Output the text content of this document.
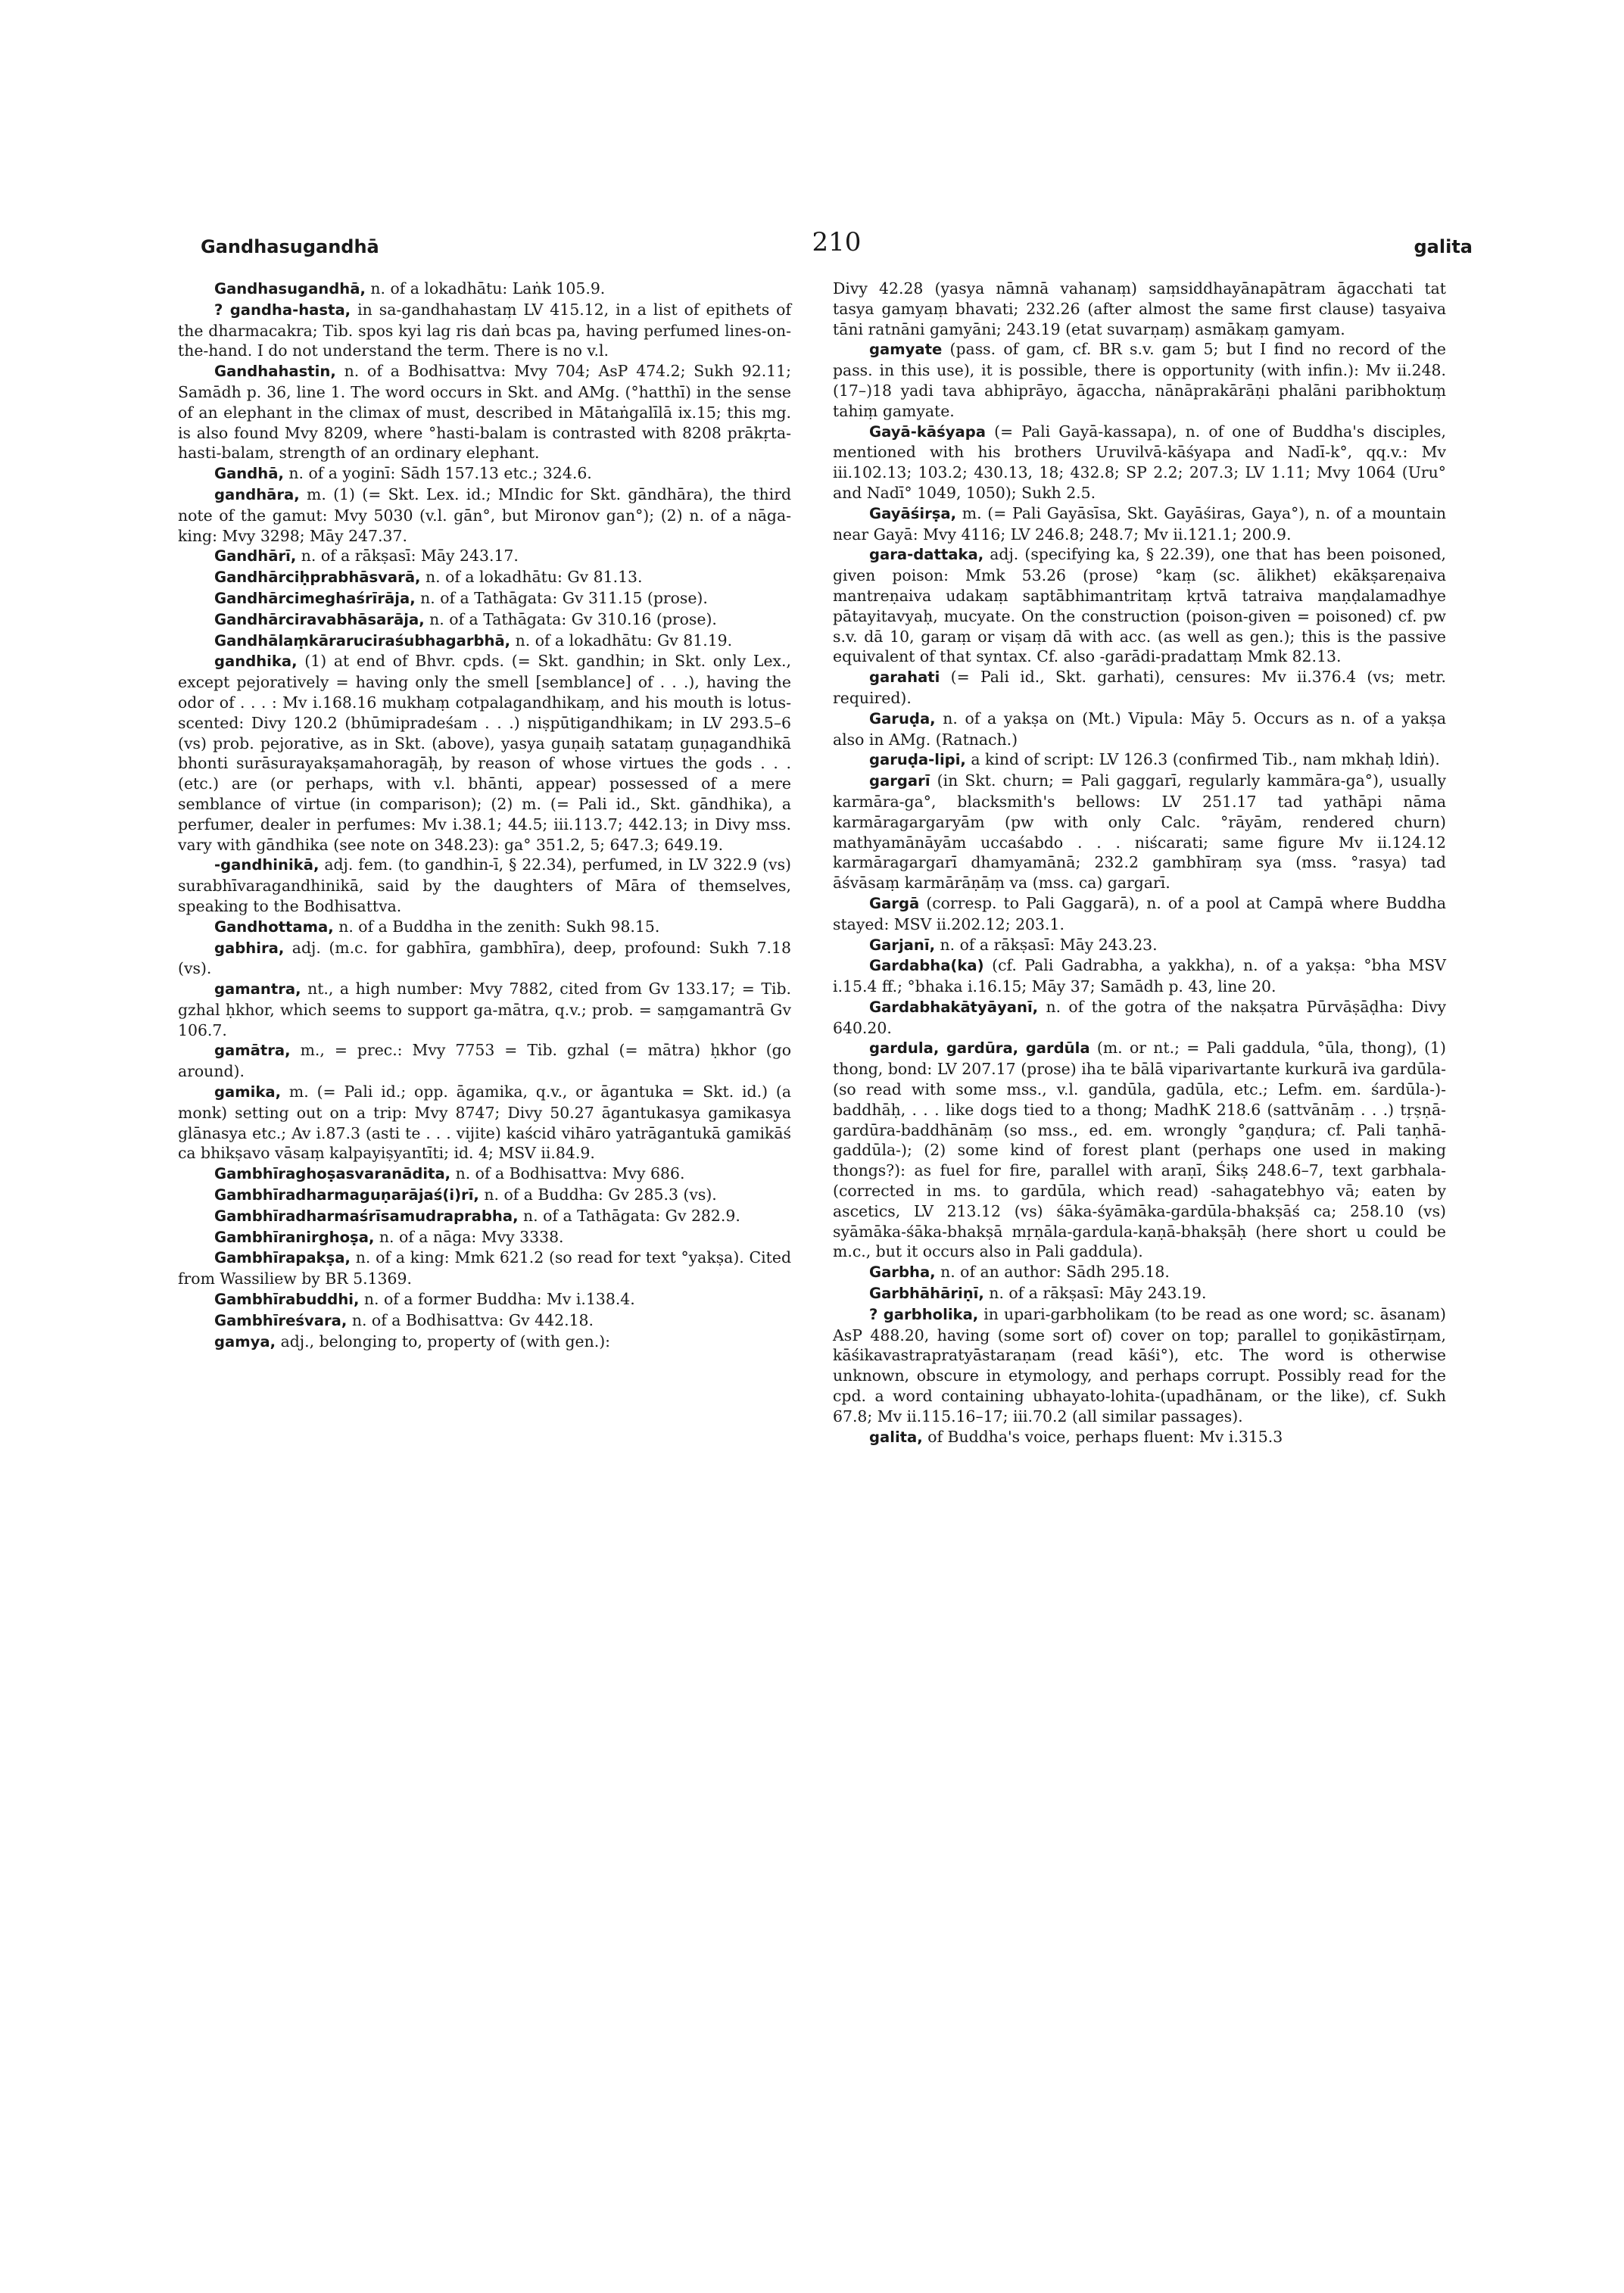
Gandhasugandhā	210	galita

Gandhasugandhā, n. of a lokadhātu: Laṅk 105.9.

? gandha-hasta, in sa-gandhahastaṃ LV 415.12, in a list of epithets of the dharmacakra; Tib. spos kyi lag ris daṅ bcas pa, having perfumed lines-on-the-hand. I do not understand the term. There is no v.l.

Gandhahastin, n. of a Bodhisattva: Mvy 704; AsP 474.2; Sukh 92.11; Samādh p. 36, line 1. The word occurs in Skt. and AMg. (°hatthī) in the sense of an elephant in the climax of must, described in Mātaṅgalīlā ix.15; this mg. is also found Mvy 8209, where °hasti-balam is contrasted with 8208 prākṛta-hasti-balam, strength of an ordinary elephant.

Gandhā, n. of a yoginī: Sādh 157.13 etc.; 324.6.

gandhāra, m. (1) (= Skt. Lex. id.; MIndic for Skt. gāndhāra), the third note of the gamut: Mvy 5030 (v.l. gān°, but Mironov gan°); (2) n. of a nāga-king: Mvy 3298; Māy 247.37.

Gandhārī, n. of a rākṣasī: Māy 243.17.

Gandhārciḥprabhāsvarā, n. of a lokadhātu: Gv 81.13.

Gandhārcimeghaśrīrāja, n. of a Tathāgata: Gv 311.15 (prose).

Gandhārciravabhāsarāja, n. of a Tathāgata: Gv 310.16 (prose).

Gandhālaṃkāraruciraśubhagarbhā, n. of a lokadhātu: Gv 81.19.

gandhika, (1) at end of Bhvr. cpds. (= Skt. gandhin; in Skt. only Lex., except pejoratively = having only the smell [semblance] of . . .), having the odor of . . . : Mv i.168.16 mukhaṃ cotpalagandhikaṃ, and his mouth is lotus-scented: Divy 120.2 (bhūmipradeśam . . .) niṣpūtigandhikam; in LV 293.5–6 (vs) prob. pejorative, as in Skt. (above), yasya guṇaiḥ satataṃ guṇagandhikā bhonti surāsurayakṣamahoragāḥ, by reason of whose virtues the gods . . . (etc.) are (or perhaps, with v.l. bhānti, appear) possessed of a mere semblance of virtue (in comparison); (2) m. (= Pali id., Skt. gāndhika), a perfumer, dealer in perfumes: Mv i.38.1; 44.5; iii.113.7; 442.13; in Divy mss. vary with gāndhika (see note on 348.23): ga° 351.2, 5; 647.3; 649.19.

-gandhinikā, adj. fem. (to gandhin-ī, § 22.34), perfumed, in LV 322.9 (vs) surabhīvaragandhinikā, said by the daughters of Māra of themselves, speaking to the Bodhisattva.

Gandhottama, n. of a Buddha in the zenith: Sukh 98.15.

gabhira, adj. (m.c. for gabhīra, gambhīra), deep, profound: Sukh 7.18 (vs).

gamantra, nt., a high number: Mvy 7882, cited from Gv 133.17; = Tib. gzhal ḥkhor, which seems to support ga-mātra, q.v.; prob. = saṃgamantrā Gv 106.7.

gamātra, m., = prec.: Mvy 7753 = Tib. gzhal (= mātra) ḥkhor (go around).

gamika, m. (= Pali id.; opp. āgamika, q.v., or āgantuka = Skt. id.) (a monk) setting out on a trip: Mvy 8747; Divy 50.27 āgantukasya gamikasya glānasya etc.; Av i.87.3 (asti te . . . vijite) kaścid vihāro yatrāgantukā gamikāś ca bhikṣavo vāsaṃ kalpayiṣyantīti; id. 4; MSV ii.84.9.

Gambhīraghoṣasvaranādita, n. of a Bodhisattva: Mvy 686.

Gambhīradharmaguṇarājaś(i)rī, n. of a Buddha: Gv 285.3 (vs).

Gambhīradharmaśrīsamudraprabha, n. of a Tathāgata: Gv 282.9.

Gambhīranirghoṣa, n. of a nāga: Mvy 3338.

Gambhīrapakṣa, n. of a king: Mmk 621.2 (so read for text °yakṣa). Cited from Wassiliew by BR 5.1369.

Gambhīrabuddhi, n. of a former Buddha: Mv i.138.4.

Gambhīreśvara, n. of a Bodhisattva: Gv 442.18.

gamya, adj., belonging to, property of (with gen.):

Divy 42.28 (yasya nāmnā vahanaṃ) saṃsiddhayānapātram āgacchati tat tasya gamyaṃ bhavati; 232.26 (after almost the same first clause) tasyaiva tāni ratnāni gamyāni; 243.19 (etat suvarṇaṃ) asmākaṃ gamyam.

gamyate (pass. of gam, cf. BR s.v. gam 5; but I find no record of the pass. in this use), it is possible, there is opportunity (with infin.): Mv ii.248.(17–)18 yadi tava abhiprāyo, āgaccha, nānāprakārāṇi phalāni paribhoktuṃ tahiṃ gamyate.

Gayā-kāśyapa (= Pali Gayā-kassapa), n. of one of Buddha's disciples, mentioned with his brothers Uruvilvā-kāśyapa and Nadī-k°, qq.v.: Mv iii.102.13; 103.2; 430.13, 18; 432.8; SP 2.2; 207.3; LV 1.11; Mvy 1064 (Uru° and Nadī° 1049, 1050); Sukh 2.5.

Gayāśirṣa, m. (= Pali Gayāsīsa, Skt. Gayāśiras, Gaya°), n. of a mountain near Gayā: Mvy 4116; LV 246.8; 248.7; Mv ii.121.1; 200.9.

gara-dattaka, adj. (specifying ka, § 22.39), one that has been poisoned, given poison: Mmk 53.26 (prose) °kaṃ (sc. ālikhet) ekākṣareṇaiva mantreṇaiva udakaṃ saptābhimantritaṃ kṛtvā tatraiva maṇḍalamadhye pātayitavyaḥ, mucyate. On the construction (poison-given = poisoned) cf. pw s.v. dā 10, garaṃ or viṣaṃ dā with acc. (as well as gen.); this is the passive equivalent of that syntax. Cf. also -garādi-pradattaṃ Mmk 82.13.

garahati (= Pali id., Skt. garhati), censures: Mv ii.376.4 (vs; metr. required).

Garuḍa, n. of a yakṣa on (Mt.) Vipula: Māy 5. Occurs as n. of a yakṣa also in AMg. (Ratnach.)

garuḍa-lipi, a kind of script: LV 126.3 (confirmed Tib., nam mkhaḥ ldiṅ).

gargarī (in Skt. churn; = Pali gaggarī, regularly kammāra-ga°), usually karmāra-ga°, blacksmith's bellows: LV 251.17 tad yathāpi nāma karmāragargaryām (pw with only Calc. °rāyām, rendered churn) mathyamānāyām uccaśabdo . . . niścarati; same figure Mv ii.124.12 karmāragargarī dhamyamānā; 232.2 gambhīraṃ sya (mss. °rasya) tad āśvāsaṃ karmārāṇāṃ va (mss. ca) gargarī.

Gargā (corresp. to Pali Gaggarā), n. of a pool at Campā where Buddha stayed: MSV ii.202.12; 203.1.

Garjanī, n. of a rākṣasī: Māy 243.23.

Gardabha(ka) (cf. Pali Gadrabha, a yakkha), n. of a yakṣa: °bha MSV i.15.4 ff.; °bhaka i.16.15; Māy 37; Samādh p. 43, line 20.

Gardabhakātyāyanī, n. of the gotra of the nakṣatra Pūrvāṣāḍha: Divy 640.20.

gardula, gardūra, gardūla (m. or nt.; = Pali gaddula, °ūla, thong), (1) thong, bond: LV 207.17 (prose) iha te bālā viparivartante kurkurā iva gardūla-(so read with some mss., v.l. gandūla, gadūla, etc.; Lefm. em. śardūla-)-baddhāḥ, . . . like dogs tied to a thong; MadhK 218.6 (sattvānāṃ . . .) tṛṣṇā-gardūra-baddhānāṃ (so mss., ed. em. wrongly °gaṇḍura; cf. Pali taṇhā-gaddūla-); (2) some kind of forest plant (perhaps one used in making thongs?): as fuel for fire, parallel with araṇī, Śikṣ 248.6–7, text garbhala- (corrected in ms. to gardūla, which read) -sahagatebhyo vā; eaten by ascetics, LV 213.12 (vs) śāka-śyāmāka-gardūla-bhakṣāś ca; 258.10 (vs) syāmāka-śāka-bhakṣā mṛṇāla-gardula-kaṇā-bhakṣāḥ (here short u could be m.c., but it occurs also in Pali gaddula).

Garbha, n. of an author: Sādh 295.18.

Garbhāhāriṇī, n. of a rākṣasī: Māy 243.19.

? garbholika, in upari-garbholikam (to be read as one word; sc. āsanam) AsP 488.20, having (some sort of) cover on top; parallel to goṇikāstīrṇam, kāśikavastrapratyāstaraṇam (read kāśi°), etc. The word is otherwise unknown, obscure in etymology, and perhaps corrupt. Possibly read for the cpd. a word containing ubhayato-lohita-(upadhānam, or the like), cf. Sukh 67.8; Mv ii.115.16–17; iii.70.2 (all similar passages).

galita, of Buddha's voice, perhaps fluent: Mv i.315.3
